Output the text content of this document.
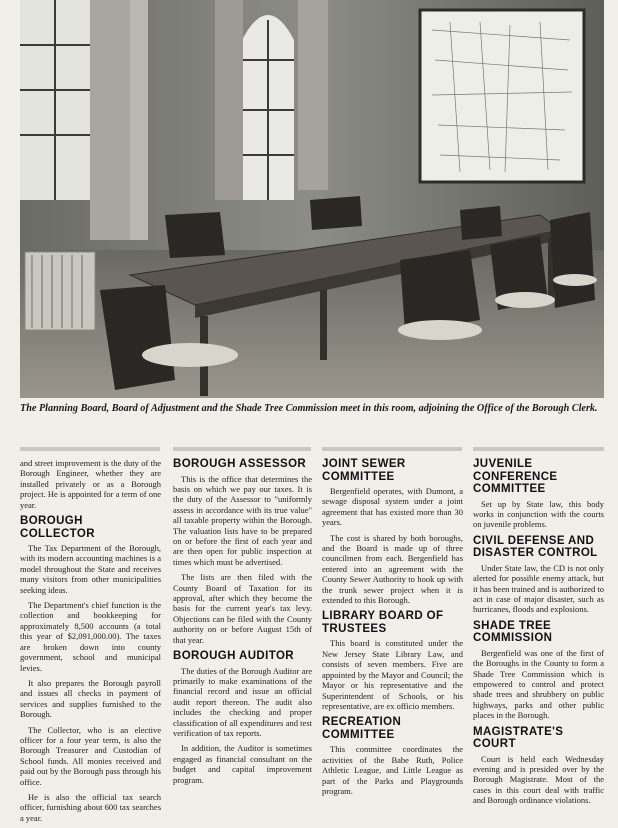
The Planning Board, Board of Adjustment and the Shade Tree Commission meet in this room, adjoining the Office of the Borough Clerk.

and street improvement is the duty of the Borough Engineer, whether they are installed privately or as a Borough project. He is appointed for a term of one year.

BOROUGH COLLECTOR

The Tax Department of the Borough, with its modern accounting machines is a model throughout the State and receives many visitors from other municipalities seeking ideas.

The Department's chief function is the collection and bookkeeping for approximately 8,500 accounts (a total this year of $2,091,000.00). The taxes are broken down into county government, school and municipal levies.

It also prepares the Borough payroll and issues all checks in payment of services and supplies furnished to the Borough.

The Collector, who is an elective officer for a four year term, is also the Borough Treasurer and Custodian of School funds. All monies received and paid out by the Borough pass through his office.

He is also the official tax search officer, furnishing about 600 tax searches a year.

BOROUGH ASSESSOR

This is the office that determines the basis on which we pay our taxes. It is the duty of the Assessor to "uniformly assess in accordance with its true value" all taxable property within the Borough. The valuation lists have to be prepared on or before the first of each year and are then open for public inspection at times which must be advertised.

The lists are then filed with the County Board of Taxation for its approval, after which they become the basis for the current year's tax levy. Objections can be filed with the County authority on or before August 15th of that year.

BOROUGH AUDITOR

The duties of the Borough Auditor are primarily to make examinations of the financial record and issue an official audit report thereon. The audit also includes the checking and proper classification of all expenditures and test verification of tax reports.

In addition, the Auditor is sometimes engaged as financial consultant on the budget and capital improvement program.

JOINT SEWER COMMITTEE

Bergenfield operates, with Dumont, a sewage disposal system under a joint agreement that has existed more than 30 years.

The cost is shared by both boroughs, and the Board is made up of three councilmen from each. Bergenfield has entered into an agreement with the County Sewer Authority to hook up with the trunk sewer project when it is extended to this Borough.

LIBRARY BOARD OF TRUSTEES

This board is constituted under the New Jersey State Library Law, and consists of seven members. Five are appointed by the Mayor and Council; the Mayor or his representative and the Superintendent of Schools, or his representative, are ex officio members.

RECREATION COMMITTEE

This committee coordinates the activities of the Babe Ruth, Police Athletic League, and Little League as part of the Parks and Playgrounds program.

JUVENILE CONFERENCE COMMITTEE

Set up by State law, this body works in conjunction with the courts on juvenile problems.

CIVIL DEFENSE AND DISASTER CONTROL

Under State law, the CD is not only alerted for possible enemy attack, but it has been trained and is authorized to act in case of major disaster, such as hurricanes, floods and explosions.

SHADE TREE COMMISSION

Bergenfield was one of the first of the Boroughs in the County to form a Shade Tree Commission which is empowered to control and protect shade trees and shrubbery on public highways, parks and other public places in the Borough.

MAGISTRATE'S COURT

Court is held each Wednesday evening and is presided over by the Borough Magistrate. Most of the cases in this court deal with traffic and Borough ordinance violations.
